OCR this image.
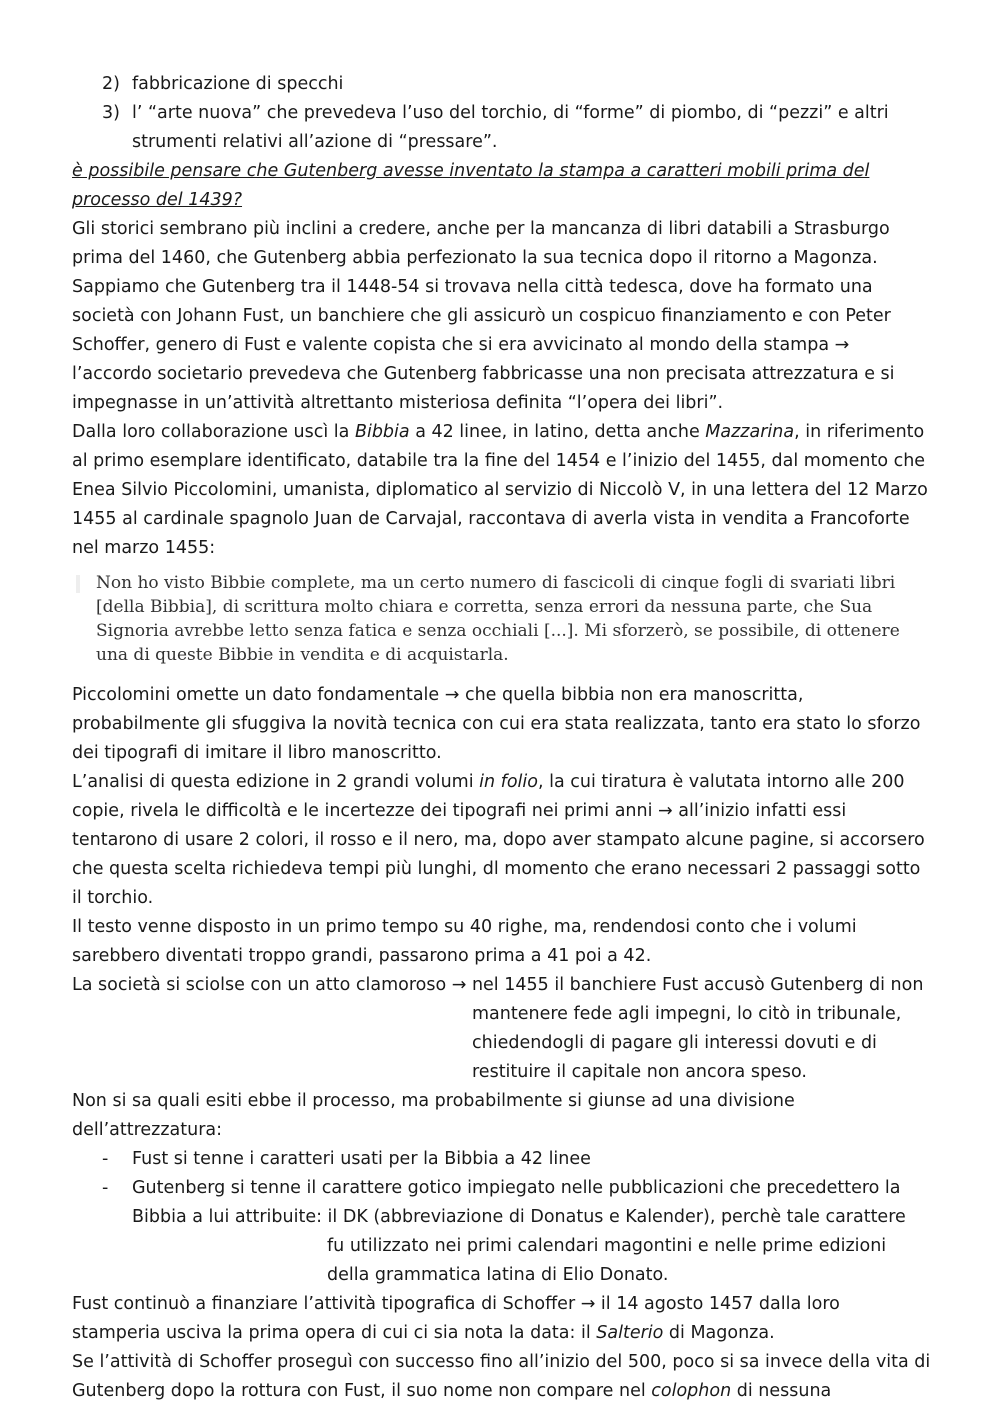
2) fabbricazione di specchi

3) l’ “arte nuova” che prevedeva l’uso del torchio, di “forme” di piombo, di “pezzi” e altri
strumenti relativi all’azione di “pressare”.

è possibile pensare che Gutenberg avesse inventato la stampa a caratteri mobili prima del processo del 1439?

Gli storici sembrano più inclini a credere, anche per la mancanza di libri databili a Strasburgo prima del 1460, che Gutenberg abbia perfezionato la sua tecnica dopo il ritorno a Magonza.

Sappiamo che Gutenberg tra il 1448-54 si trovava nella città tedesca, dove ha formato una società con Johann Fust, un banchiere che gli assicurò un cospicuo finanziamento e con Peter Schoffer, genero di Fust e valente copista che si era avvicinato al mondo della stampa → l’accordo societario prevedeva che Gutenberg fabbricasse una non precisata attrezzatura e si impegnasse in un’attività altrettanto misteriosa definita “l’opera dei libri”.

Dalla loro collaborazione uscì la Bibbia a 42 linee, in latino, detta anche Mazzarina, in riferimento al primo esemplare identificato, databile tra la fine del 1454 e l’inizio del 1455, dal momento che Enea Silvio Piccolomini, umanista, diplomatico al servizio di Niccolò V, in una lettera del 12 Marzo 1455 al cardinale spagnolo Juan de Carvajal, raccontava di averla vista in vendita a Francoforte nel marzo 1455:

Non ho visto Bibbie complete, ma un certo numero di fascicoli di cinque fogli di svariati libri [della Bibbia], di scrittura molto chiara e corretta, senza errori da nessuna parte, che Sua Signoria avrebbe letto senza fatica e senza occhiali [...]. Mi sforzerò, se possibile, di ottenere una di queste Bibbie in vendita e di acquistarla.

Piccolomini omette un dato fondamentale → che quella bibbia non era manoscritta, probabilmente gli sfuggiva la novità tecnica con cui era stata realizzata, tanto era stato lo sforzo dei tipografi di imitare il libro manoscritto.

L’analisi di questa edizione in 2 grandi volumi in folio, la cui tiratura è valutata intorno alle 200 copie, rivela le difficoltà e le incertezze dei tipografi nei primi anni → all’inizio infatti essi tentarono di usare 2 colori, il rosso e il nero, ma, dopo aver stampato alcune pagine, si accorsero che questa scelta richiedeva tempi più lunghi, dl momento che erano necessari 2 passaggi sotto il torchio.

Il testo venne disposto in un primo tempo su 40 righe, ma, rendendosi conto che i volumi sarebbero diventati troppo grandi, passarono prima a 41 poi a 42.

La società si sciolse con un atto clamoroso → nel 1455 il banchiere Fust accusò Gutenberg di non

mantenere fede agli impegni, lo citò in tribunale, chiedendogli di pagare gli interessi dovuti e di restituire il capitale non ancora speso.

Non si sa quali esiti ebbe il processo, ma probabilmente si giunse ad una divisione dell’attrezzatura:

- Fust si tenne i caratteri usati per la Bibbia a 42 linee

- Gutenberg si tenne il carattere gotico impiegato nelle pubblicazioni che precedettero la
Bibbia a lui attribuite: il DK (abbreviazione di Donatus e Kalender), perchè tale carattere

fu utilizzato nei primi calendari magontini e nelle prime edizioni della grammatica latina di Elio Donato.

Fust continuò a finanziare l’attività tipografica di Schoffer → il 14 agosto 1457 dalla loro stamperia usciva la prima opera di cui ci sia nota la data: il Salterio di Magonza.

Se l’attività di Schoffer proseguì con successo fino all’inizio del 500, poco si sa invece della vita di Gutenberg dopo la rottura con Fust, il suo nome non compare nel colophon di nessuna
